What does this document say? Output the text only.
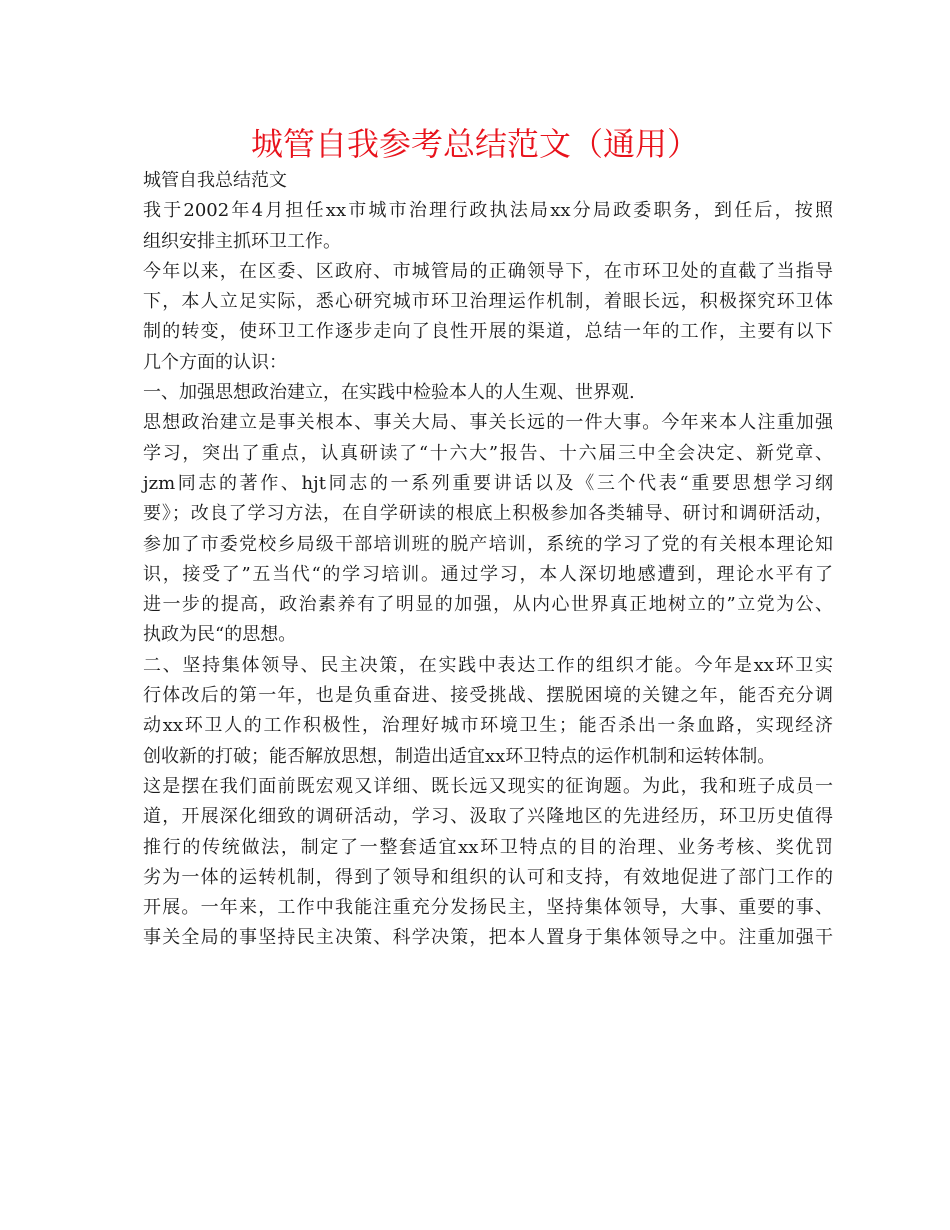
城管自我参考总结范文（通用）
城管自我总结范文
我于2002年4月担任xx市城市治理行政执法局xx分局政委职务，到任后，按照
组织安排主抓环卫工作。
今年以来，在区委、区政府、市城管局的正确领导下，在市环卫处的直截了当指导
下，本人立足实际，悉心研究城市环卫治理运作机制，着眼长远，积极探究环卫体
制的转变，使环卫工作逐步走向了良性开展的渠道，总结一年的工作，主要有以下
几个方面的认识：
一、加强思想政治建立，在实践中检验本人的人生观、世界观.
思想政治建立是事关根本、事关大局、事关长远的一件大事。今年来本人注重加强
学习，突出了重点，认真研读了“十六大”报告、十六届三中全会决定、新党章、
jzm同志的著作、hjt同志的一系列重要讲话以及《三个代表“重要思想学习纲
要》；改良了学习方法，在自学研读的根底上积极参加各类辅导、研讨和调研活动，
参加了市委党校乡局级干部培训班的脱产培训，系统的学习了党的有关根本理论知
识，接受了”五当代“的学习培训。通过学习，本人深切地感遭到，理论水平有了
进一步的提高，政治素养有了明显的加强，从内心世界真正地树立的”立党为公、
执政为民“的思想。
二、坚持集体领导、民主决策，在实践中表达工作的组织才能。今年是xx环卫实
行体改后的第一年，也是负重奋进、接受挑战、摆脱困境的关键之年，能否充分调
动xx环卫人的工作积极性，治理好城市环境卫生；能否杀出一条血路，实现经济
创收新的打破；能否解放思想，制造出适宜xx环卫特点的运作机制和运转体制。
这是摆在我们面前既宏观又详细、既长远又现实的征询题。为此，我和班子成员一
道，开展深化细致的调研活动，学习、汲取了兴隆地区的先进经历，环卫历史值得
推行的传统做法，制定了一整套适宜xx环卫特点的目的治理、业务考核、奖优罚
劣为一体的运转机制，得到了领导和组织的认可和支持，有效地促进了部门工作的
开展。一年来，工作中我能注重充分发扬民主，坚持集体领导，大事、重要的事、
事关全局的事坚持民主决策、科学决策，把本人置身于集体领导之中。注重加强干
